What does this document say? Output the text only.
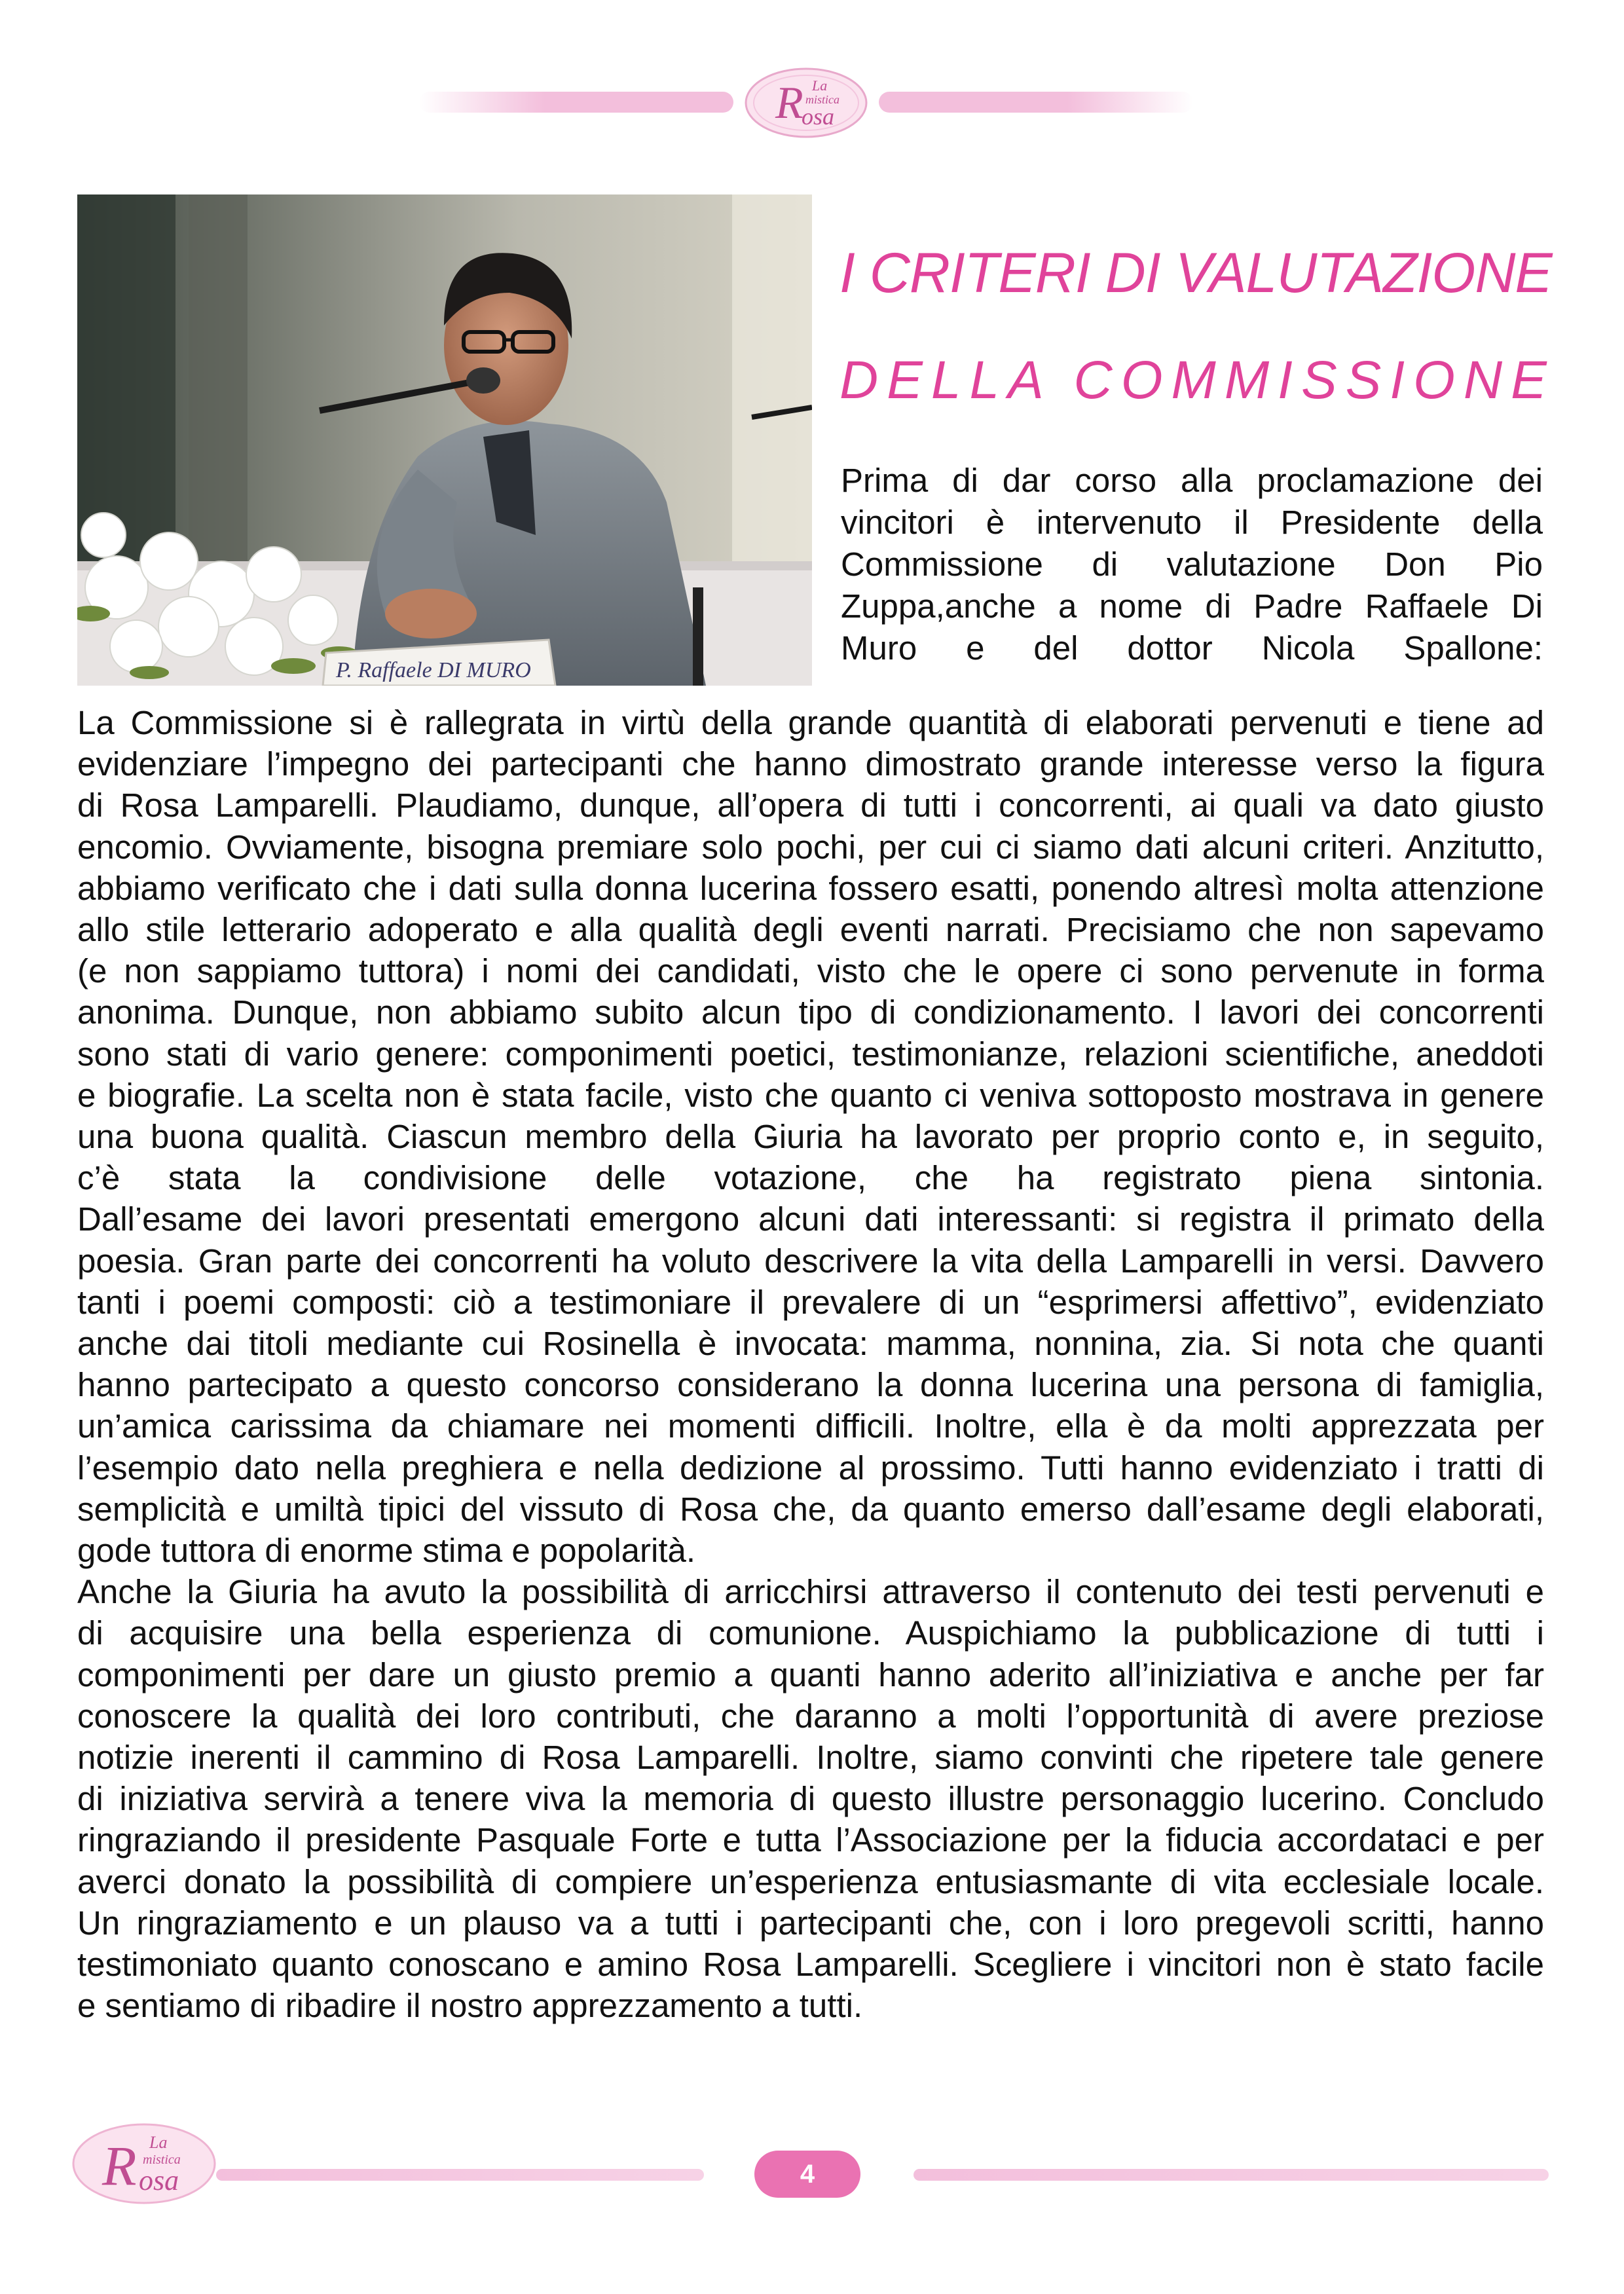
R La
mistica
osa
P. Raffaele DI MURO
I CRITERI DI VALUTAZIONE
DELLA COMMISSIONE
Prima di dar corso alla proclamazione dei
vincitori è intervenuto il Presidente della
Commissione di valutazione Don Pio
Zuppa,anche a nome di Padre Raffaele Di
Muro e del dottor Nicola Spallone:

La Commissione si è rallegrata in virtù della grande quantità di elaborati pervenuti e tiene ad
evidenziare l’impegno dei partecipanti che hanno dimostrato grande interesse verso la figura
di Rosa Lamparelli. Plaudiamo, dunque, all’opera di tutti i concorrenti, ai quali va dato giusto
encomio. Ovviamente, bisogna premiare solo pochi, per cui ci siamo dati alcuni criteri. Anzitutto,
abbiamo verificato che i dati sulla donna lucerina fossero esatti, ponendo altresì molta attenzione
allo stile letterario adoperato e alla qualità degli eventi narrati. Precisiamo che non sapevamo
(e non sappiamo tuttora) i nomi dei candidati, visto che le opere ci sono pervenute in forma
anonima. Dunque, non abbiamo subito alcun tipo di condizionamento. I lavori dei concorrenti
sono stati di vario genere: componimenti poetici, testimonianze, relazioni scientifiche, aneddoti
e biografie. La scelta non è stata facile, visto che quanto ci veniva sottoposto mostrava in genere
una buona qualità. Ciascun membro della Giuria ha lavorato per proprio conto e, in seguito,
c’è stata la condivisione delle votazione, che ha registrato piena sintonia.
Dall’esame dei lavori presentati emergono alcuni dati interessanti: si registra il primato della
poesia. Gran parte dei concorrenti ha voluto descrivere la vita della Lamparelli in versi. Davvero
tanti i poemi composti: ciò a testimoniare il prevalere di un “esprimersi affettivo”, evidenziato
anche dai titoli mediante cui Rosinella è invocata: mamma, nonnina, zia. Si nota che quanti
hanno partecipato a questo concorso considerano la donna lucerina una persona di famiglia,
un’amica carissima da chiamare nei momenti difficili. Inoltre, ella è da molti apprezzata per
l’esempio dato nella preghiera e nella dedizione al prossimo. Tutti hanno evidenziato i tratti di
semplicità e umiltà tipici del vissuto di Rosa che, da quanto emerso dall’esame degli elaborati,
gode tuttora di enorme stima e popolarità.

Anche la Giuria ha avuto la possibilità di arricchirsi attraverso il contenuto dei testi pervenuti e
di acquisire una bella esperienza di comunione. Auspichiamo la pubblicazione di tutti i
componimenti per dare un giusto premio a quanti hanno aderito all’iniziativa e anche per far
conoscere la qualità dei loro contributi, che daranno a molti l’opportunità di avere preziose
notizie inerenti il cammino di Rosa Lamparelli. Inoltre, siamo convinti che ripetere tale genere
di iniziativa servirà a tenere viva la memoria di questo illustre personaggio lucerino. Concludo
ringraziando il presidente Pasquale Forte e tutta l’Associazione per la fiducia accordataci e per
averci donato la possibilità di compiere un’esperienza entusiasmante di vita ecclesiale locale.
Un ringraziamento e un plauso va a tutti i partecipanti che, con i loro pregevoli scritti, hanno
testimoniato quanto conoscano e amino Rosa Lamparelli. Scegliere i vincitori non è stato facile
e sentiamo di ribadire il nostro apprezzamento a tutti.

R La
mistica
osa	4
